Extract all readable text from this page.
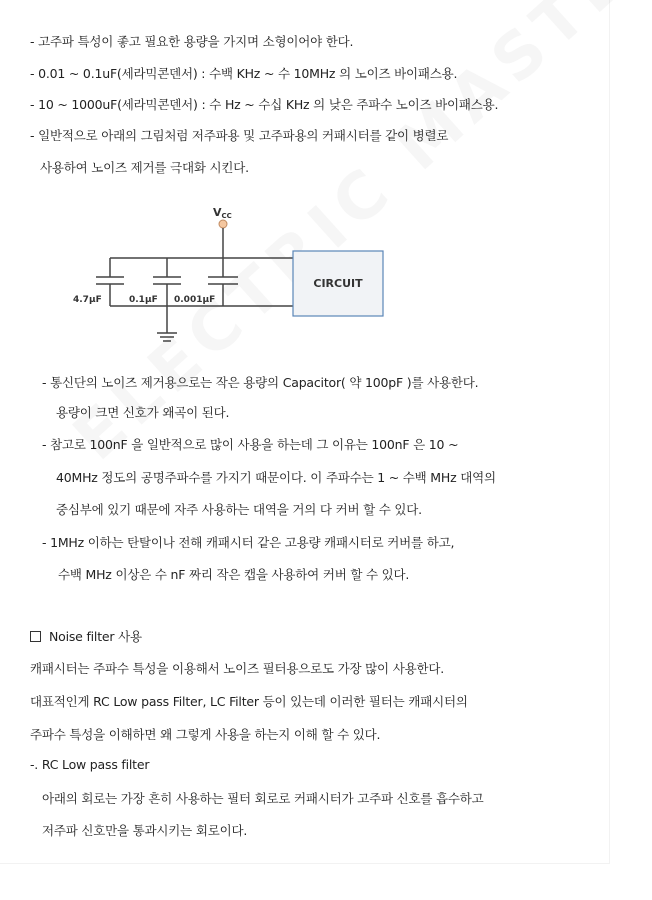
- 고주파 특성이 좋고 필요한 용량을 가지며 소형이어야 한다.
- 0.01 ~ 0.1uF(세라믹콘덴서) : 수백 KHz ~ 수 10MHz 의 노이즈 바이패스용.
- 10 ~ 1000uF(세라믹콘덴서) : 수 Hz ~ 수십 KHz 의 낮은 주파수 노이즈 바이패스용.
- 일반적으로 아래의 그림처럼 저주파용 및 고주파용의 커패시터를 같이 병렬로
사용하여 노이즈 제거를 극대화 시킨다.
VCC
4.7μF	0.1μF 0.001μF
CIRCUIT
- 통신단의 노이즈 제거용으로는 작은 용량의 Capacitor( 약 100pF )를 사용한다.
용량이 크면 신호가 왜곡이 된다.
- 참고로 100nF 을 일반적으로 많이 사용을 하는데 그 이유는 100nF 은 10 ~
40MHz 정도의 공명주파수를 가지기 때문이다. 이 주파수는 1 ~ 수백 MHz 대역의
중심부에 있기 때문에 자주 사용하는 대역을 거의 다 커버 할 수 있다.
- 1MHz 이하는 탄탈이나 전해 캐패시터 같은 고용량 캐패시터로 커버를 하고,
수백 MHz 이상은 수 nF 짜리 작은 캡을 사용하여 커버 할 수 있다.
Noise filter 사용
캐패시터는 주파수 특성을 이용해서 노이즈 필터용으로도 가장 많이 사용한다.
대표적인게 RC Low pass Filter, LC Filter 등이 있는데 이러한 필터는 캐패시터의
주파수 특성을 이해하면 왜 그렇게 사용을 하는지 이해 할 수 있다.
-. RC Low pass filter
아래의 회로는 가장 흔히 사용하는 필터 회로로 커패시터가 고주파 신호를 흡수하고
저주파 신호만을 통과시키는 회로이다.
